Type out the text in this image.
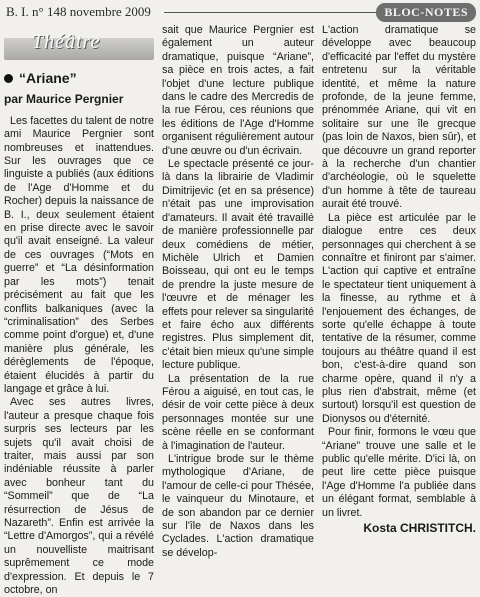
B. I. n° 148 novembre 2009	BLOC-NOTES
Théâtre
“Ariane”
par Maurice Pergnier

Les facettes du talent de notre ami Maurice Pergnier sont nombreuses et inattendues. Sur les ouvrages que ce linguiste a publiés (aux éditions de l'Age d'Homme et du Rocher) depuis la naissance de B. I., deux seulement étaient en prise directe avec le savoir qu'il avait enseigné. La valeur de ces ouvrages (“Mots en guerre” et “La désinformation par les mots”) tenait précisément au fait que les conflits balkaniques (avec la “criminalisation” des Serbes comme point d'orgue) et, d'une manière plus générale, les dérèglements de l'époque, étaient élucidés à partir du langage et grâce à lui.

Avec ses autres livres, l'auteur a presque chaque fois surpris ses lecteurs par les sujets qu'il avait choisi de traiter, mais aussi par son indéniable réussite à parler avec bonheur tant du “Sommeil” que de “La résurrection de Jésus de Nazareth”. Enfin est arrivée la “Lettre d'Amorgos”, qui a révélé un nouvelliste maitrisant suprêmement ce mode d'expression. Et depuis le 7 octobre, on

sait que Maurice Pergnier est également un auteur dramatique, puisque “Ariane”, sa pièce en trois actes, a fait l'objet d'une lecture publique dans le cadre des Mercredis de la rue Férou, ces réunions que les éditions de l'Age d'Homme organisent régulièrement autour d'une œuvre ou d'un écrivain.

Le spectacle présenté ce jour-là dans la librairie de Vladimir Dimitrijevic (et en sa présence) n'était pas une improvisation d'amateurs. Il avait été travaillé de manière professionnelle par deux comédiens de métier, Michèle Ulrich et Damien Boisseau, qui ont eu le temps de prendre la juste mesure de l'œuvre et de ménager les effets pour relever sa singularité et faire écho aux différents registres. Plus simplement dit, c'était bien mieux qu'une simple lecture publique.

La présentation de la rue Férou a aiguisé, en tout cas, le désir de voir cette pièce à deux personnages montée sur une scène réelle en se conformant à l'imagination de l'auteur.

L'intrigue brode sur le thème mythologique d'Ariane, de l'amour de celle-ci pour Thésée, le vainqueur du Minotaure, et de son abandon par ce dernier sur l'île de Naxos dans les Cyclades. L'action dramatique se dévelop-

L'action dramatique se développe avec beaucoup d'efficacité par l'effet du mystère entretenu sur la véritable identité, et même la nature profonde, de la jeune femme, prénommée Ariane, qui vit en solitaire sur une île grecque (pas loin de Naxos, bien sûr), et que découvre un grand reporter à la recherche d'un chantier d'archéologie, où le squelette d'un homme à tête de taureau aurait été trouvé.

La pièce est articulée par le dialogue entre ces deux personnages qui cherchent à se connaître et finiront par s'aimer. L'action qui captive et entraîne le spectateur tient uniquement à la finesse, au rythme et à l'enjouement des échanges, de sorte qu'elle échappe à toute tentative de la résumer, comme toujours au théâtre quand il est bon, c'est-à-dire quand son charme opère, quand il n'y a plus rien d'abstrait, même (et surtout) lorsqu'il est question de Dionysos ou d'éternité.

Pour finir, formons le vœu que “Ariane” trouve une salle et le public qu'elle mérite. D'ici là, on peut lire cette pièce puisque l'Age d'Homme l'a publiée dans un élégant format, semblable à un livret.

Kosta CHRISTITCH.
